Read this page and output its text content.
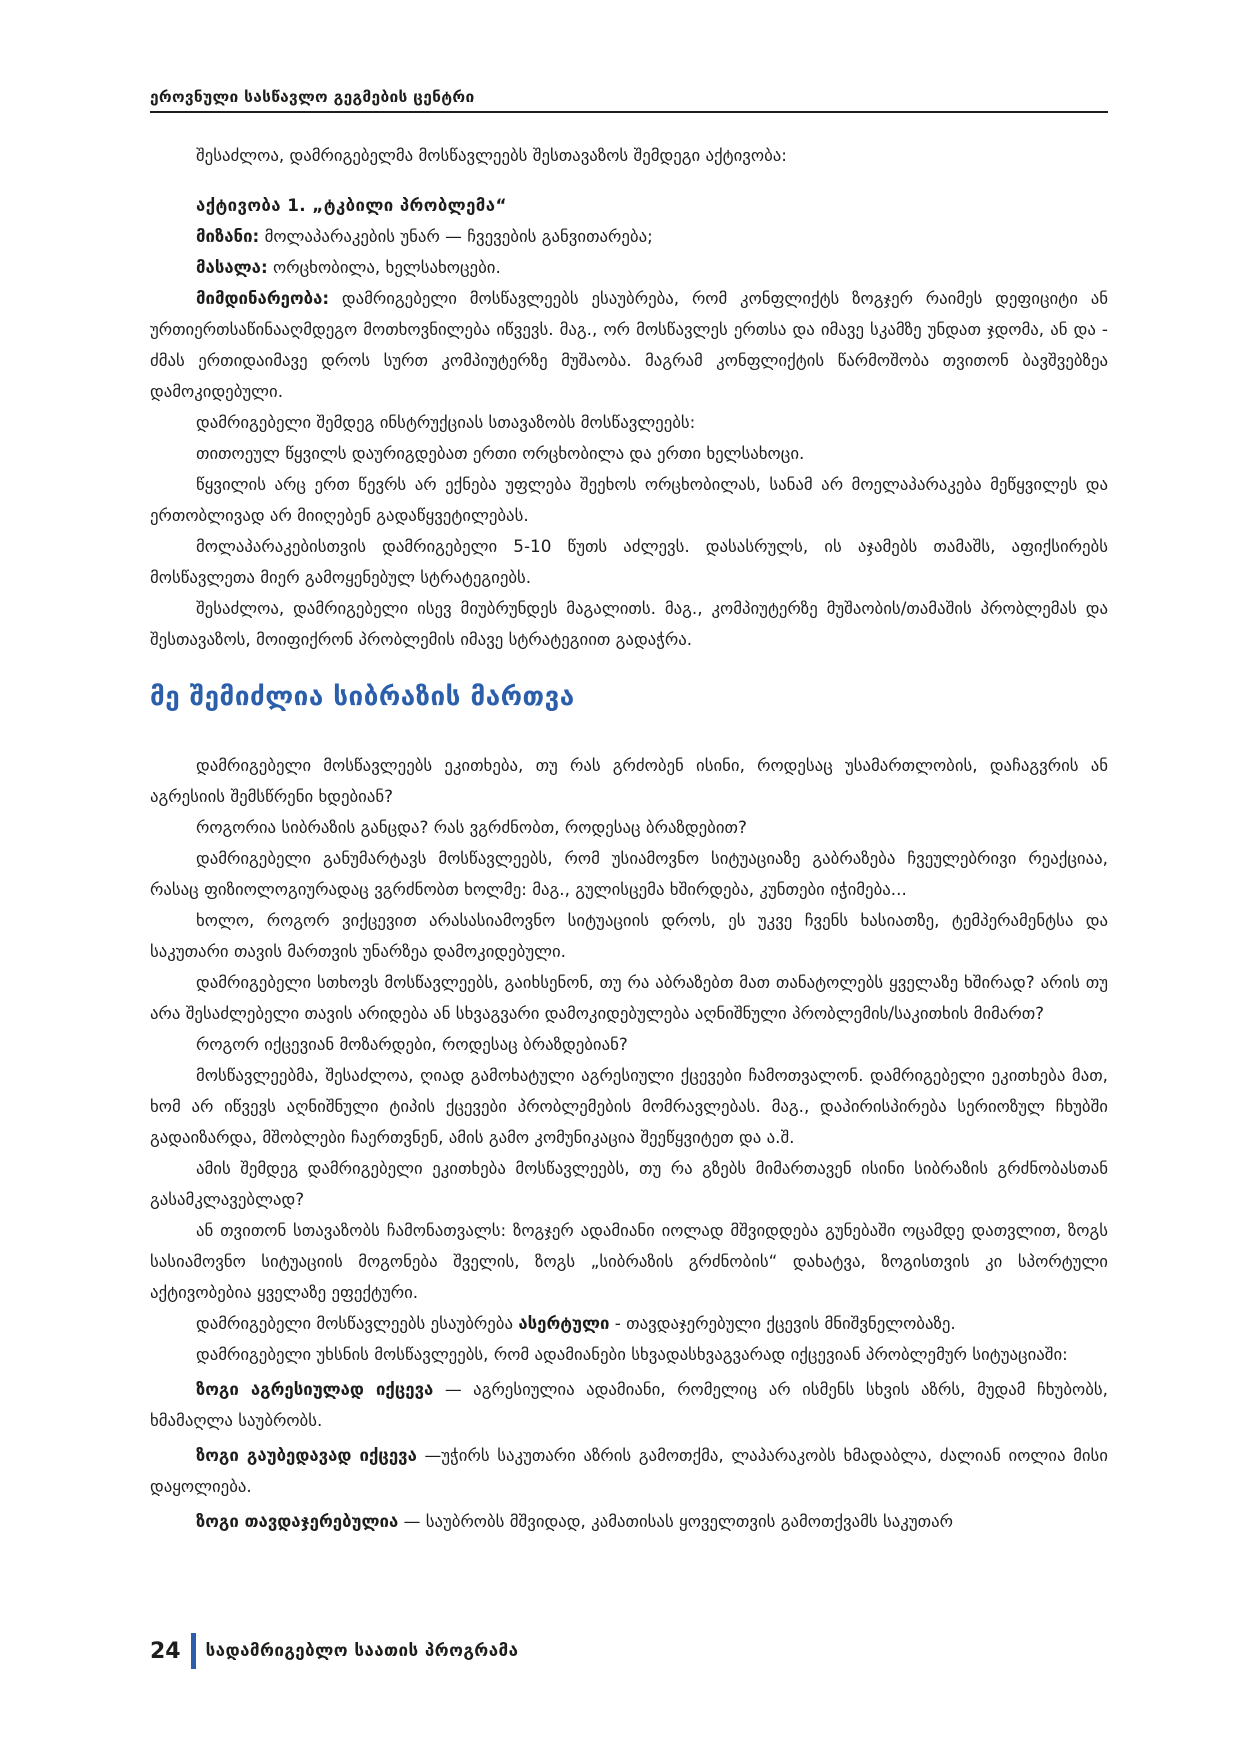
ეროვნული სასწავლო გეგმების ცენტრი

შესაძლოა, დამრიგებელმა მოსწავლეებს შესთავაზოს შემდეგი აქტივობა:

აქტივობა 1. „ტკბილი პრობლემა“

მიზანი: მოლაპარაკების უნარ — ჩვევების განვითარება;

მასალა: ორცხობილა, ხელსახოცები.

მიმდინარეობა: დამრიგებელი მოსწავლეებს ესაუბრება, რომ კონფლიქტს ზოგჯერ რაიმეს დეფიციტი ან ურთიერთსაწინააღმდეგო მოთხოვნილება იწვევს. მაგ., ორ მოსწავლეს ერთსა და იმავე სკამზე უნდათ ჯდომა, ან და - ძმას ერთიდაიმავე დროს სურთ კომპიუტერზე მუშაობა. მაგრამ კონფლიქტის წარმოშობა თვითონ ბავშვებზეა დამოკიდებული.

დამრიგებელი შემდეგ ინსტრუქციას სთავაზობს მოსწავლეებს:

თითოეულ წყვილს დაურიგდებათ ერთი ორცხობილა და ერთი ხელსახოცი.

წყვილის არც ერთ წევრს არ ექნება უფლება შეეხოს ორცხობილას, სანამ არ მოელაპარაკება მეწყვილეს და ერთობლივად არ მიიღებენ გადაწყვეტილებას.

მოლაპარაკებისთვის დამრიგებელი 5-10 წუთს აძლევს. დასასრულს, ის აჯამებს თამაშს, აფიქსირებს მოსწავლეთა მიერ გამოყენებულ სტრატეგიებს.

შესაძლოა, დამრიგებელი ისევ მიუბრუნდეს მაგალითს. მაგ., კომპიუტერზე მუშაობის/თამაშის პრობლემას და შესთავაზოს, მოიფიქრონ პრობლემის იმავე სტრატეგიით გადაჭრა.

მე შემიძლია სიბრაზის მართვა

დამრიგებელი მოსწავლეებს ეკითხება, თუ რას გრძობენ ისინი, როდესაც უსამართლობის, დაჩაგვრის ან აგრესიის შემსწრენი ხდებიან?

როგორია სიბრაზის განცდა? რას ვგრძნობთ, როდესაც ბრაზდებით?

დამრიგებელი განუმარტავს მოსწავლეებს, რომ უსიამოვნო სიტუაციაზე გაბრაზება ჩვეულებრივი რეაქციაა, რასაც ფიზიოლოგიურადაც ვგრძნობთ ხოლმე: მაგ., გულისცემა ხშირდება, კუნთები იჭიმება...

ხოლო, როგორ ვიქცევით არასასიამოვნო სიტუაციის დროს, ეს უკვე ჩვენს ხასიათზე, ტემპერამენტსა და საკუთარი თავის მართვის უნარზეა დამოკიდებული.

დამრიგებელი სთხოვს მოსწავლეებს, გაიხსენონ, თუ რა აბრაზებთ მათ თანატოლებს ყველაზე ხშირად? არის თუ არა შესაძლებელი თავის არიდება ან სხვაგვარი დამოკიდებულება აღნიშნული პრობლემის/საკითხის მიმართ?

როგორ იქცევიან მოზარდები, როდესაც ბრაზდებიან?

მოსწავლეებმა, შესაძლოა, ღიად გამოხატული აგრესიული ქცევები ჩამოთვალონ. დამრიგებელი ეკითხება მათ, ხომ არ იწვევს აღნიშნული ტიპის ქცევები პრობლემების მომრავლებას. მაგ., დაპირისპირება სერიოზულ ჩხუბში გადაიზარდა, მშობლები ჩაერთვნენ, ამის გამო კომუნიკაცია შეეწყვიტეთ და ა.შ.

ამის შემდეგ დამრიგებელი ეკითხება მოსწავლეებს, თუ რა გზებს მიმართავენ ისინი სიბრაზის გრძნობასთან გასამკლავებლად?

ან თვითონ სთავაზობს ჩამონათვალს: ზოგჯერ ადამიანი იოლად მშვიდდება გუნებაში ოცამდე დათვლით, ზოგს სასიამოვნო სიტუაციის მოგონება შველის, ზოგს „სიბრაზის გრძნობის“ დახატვა, ზოგისთვის კი სპორტული აქტივობებია ყველაზე ეფექტური.

დამრიგებელი მოსწავლეებს ესაუბრება ასერტული - თავდაჯერებული ქცევის მნიშვნელობაზე.

დამრიგებელი უხსნის მოსწავლეებს, რომ ადამიანები სხვადასხვაგვარად იქცევიან პრობლემურ სიტუაციაში:

ზოგი აგრესიულად იქცევა — აგრესიულია ადამიანი, რომელიც არ ისმენს სხვის აზრს, მუდამ ჩხუბობს, ხმამაღლა საუბრობს.

ზოგი გაუბედავად იქცევა —უჭირს საკუთარი აზრის გამოთქმა, ლაპარაკობს ხმადაბლა, ძალიან იოლია მისი დაყოლიება.

ზოგი თავდაჯერებულია — საუბრობს მშვიდად, კამათისას ყოველთვის გამოთქვამს საკუთარ

24	სადამრიგებლო საათის პროგრამა
